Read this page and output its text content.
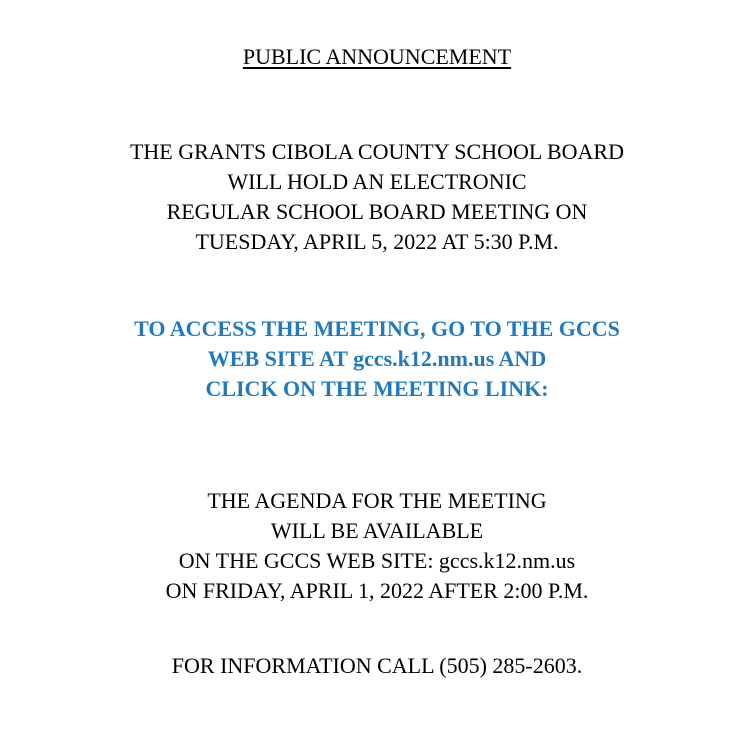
PUBLIC ANNOUNCEMENT
THE GRANTS CIBOLA COUNTY SCHOOL BOARD
WILL HOLD AN ELECTRONIC
REGULAR SCHOOL BOARD MEETING ON
TUESDAY, APRIL 5, 2022 AT 5:30 P.M.
TO ACCESS THE MEETING, GO TO THE GCCS
WEB SITE AT gccs.k12.nm.us AND
CLICK ON THE MEETING LINK:
THE AGENDA FOR THE MEETING
WILL BE AVAILABLE
ON THE GCCS WEB SITE: gccs.k12.nm.us
ON FRIDAY, APRIL 1, 2022 AFTER 2:00 P.M.
FOR INFORMATION CALL (505) 285-2603.
